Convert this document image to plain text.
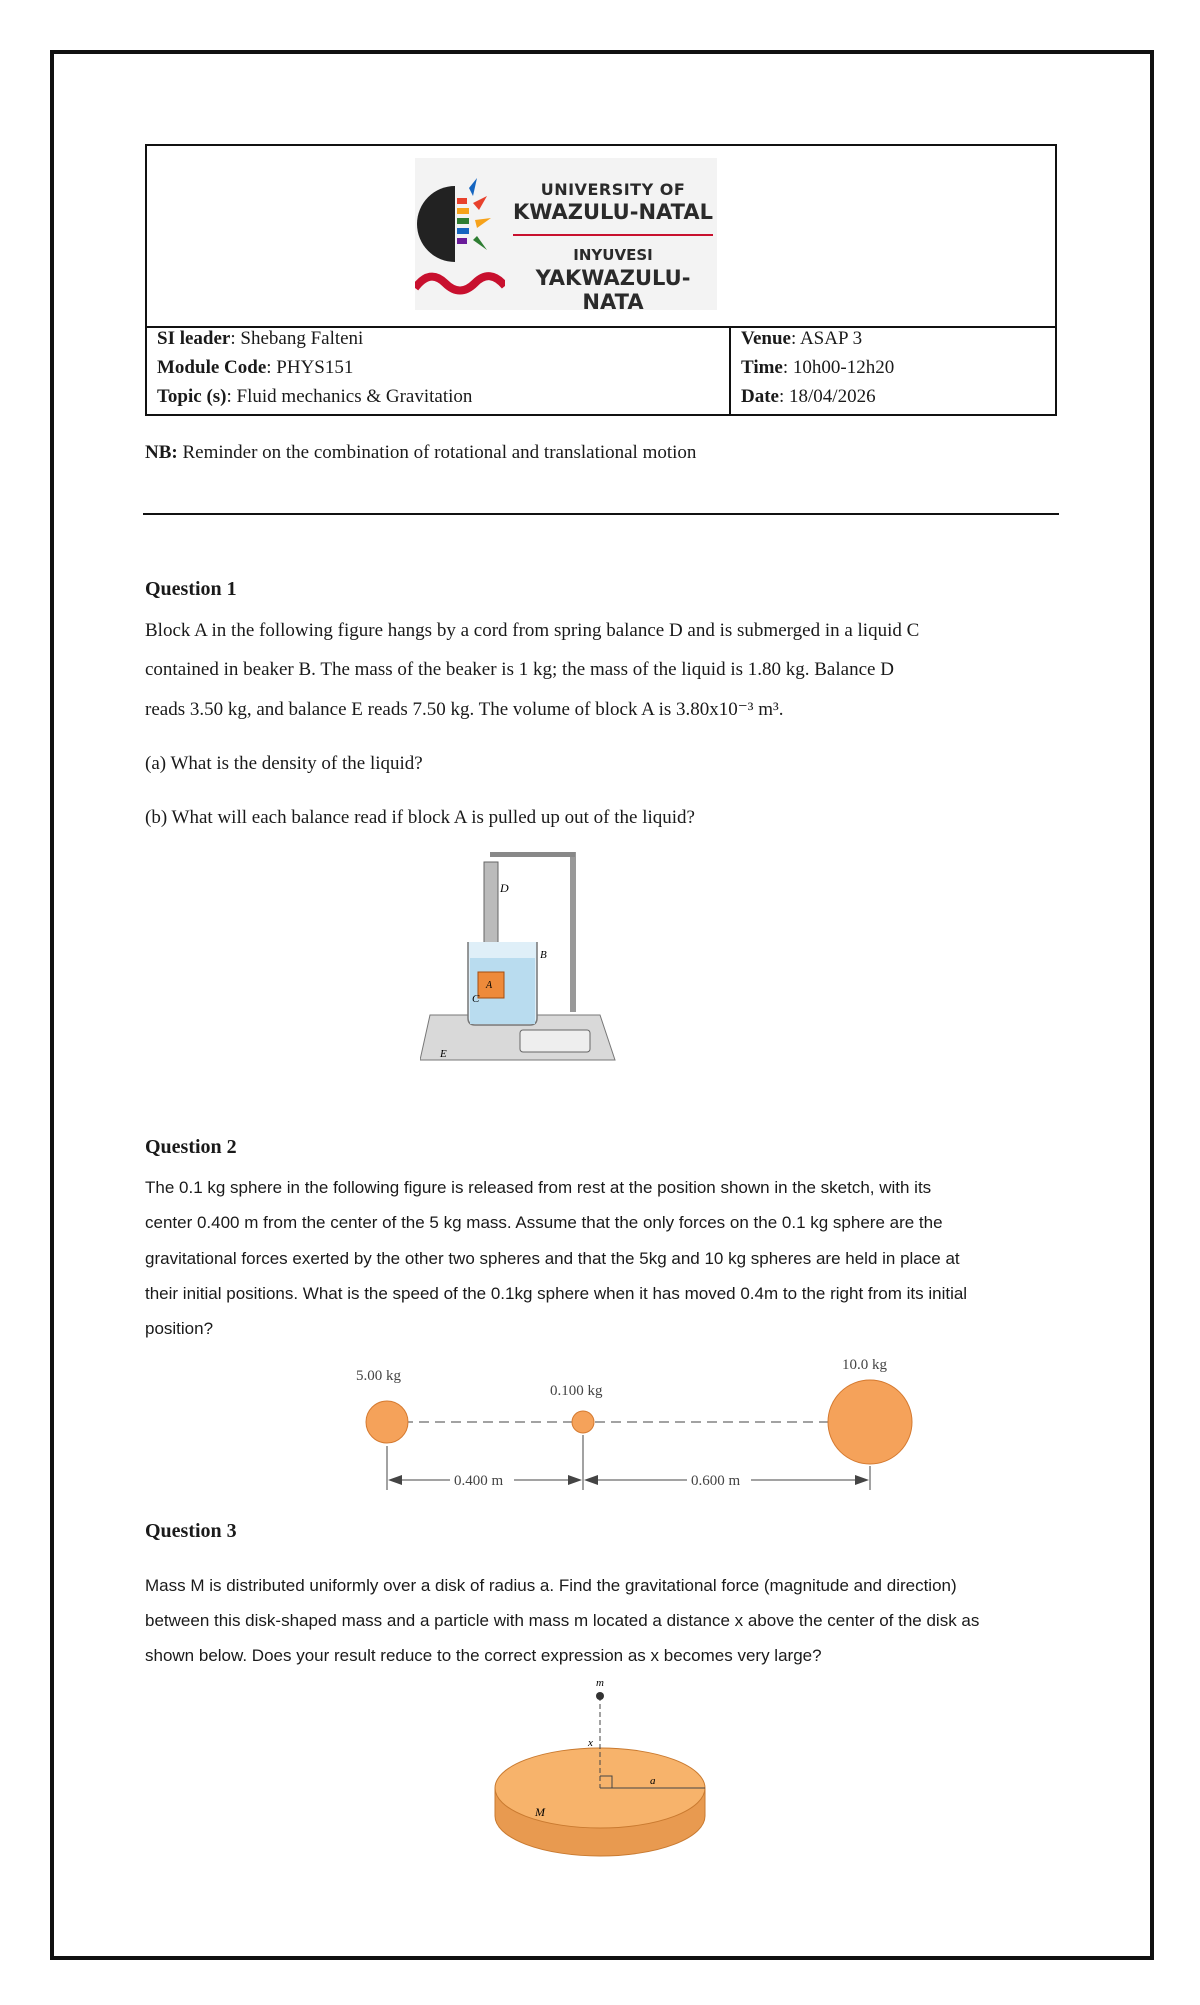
UNIVERSITY OF
KWAZULU-NATAL
INYUVESI
YAKWAZULU-NATA
SI leader: Shebang Falteni
Module Code: PHYS151
Topic (s): Fluid mechanics & Gravitation
Venue: ASAP 3
Time: 10h00-12h20
Date: 18/04/2026
NB: Reminder on the combination of rotational and translational motion
Question 1
Block A in the following figure hangs by a cord from spring balance D and is submerged in a liquid C
contained in beaker B. The mass of the beaker is 1 kg; the mass of the liquid is 1.80 kg. Balance D
reads 3.50 kg, and balance E reads 7.50 kg. The volume of block A is 3.80x10⁻³ m³.
(a) What is the density of the liquid?
(b) What will each balance read if block A is pulled up out of the liquid?
D
B
A
C
E
Question 2
The 0.1 kg sphere in the following figure is released from rest at the position shown in the sketch, with its
center 0.400 m from the center of the 5 kg mass. Assume that the only forces on the 0.1 kg sphere are the
gravitational forces exerted by the other two spheres and that the 5kg and 10 kg spheres are held in place at
their initial positions. What is the speed of the 0.1kg sphere when it has moved 0.4m to the right from its initial
position?
5.00 kg
0.100 kg
10.0 kg
0.400 m	0.600 m
Question 3
Mass M is distributed uniformly over a disk of radius a. Find the gravitational force (magnitude and direction)
between this disk-shaped mass and a particle with mass m located a distance x above the center of the disk as
shown below. Does your result reduce to the correct expression as x becomes very large?
m
x
a
M
